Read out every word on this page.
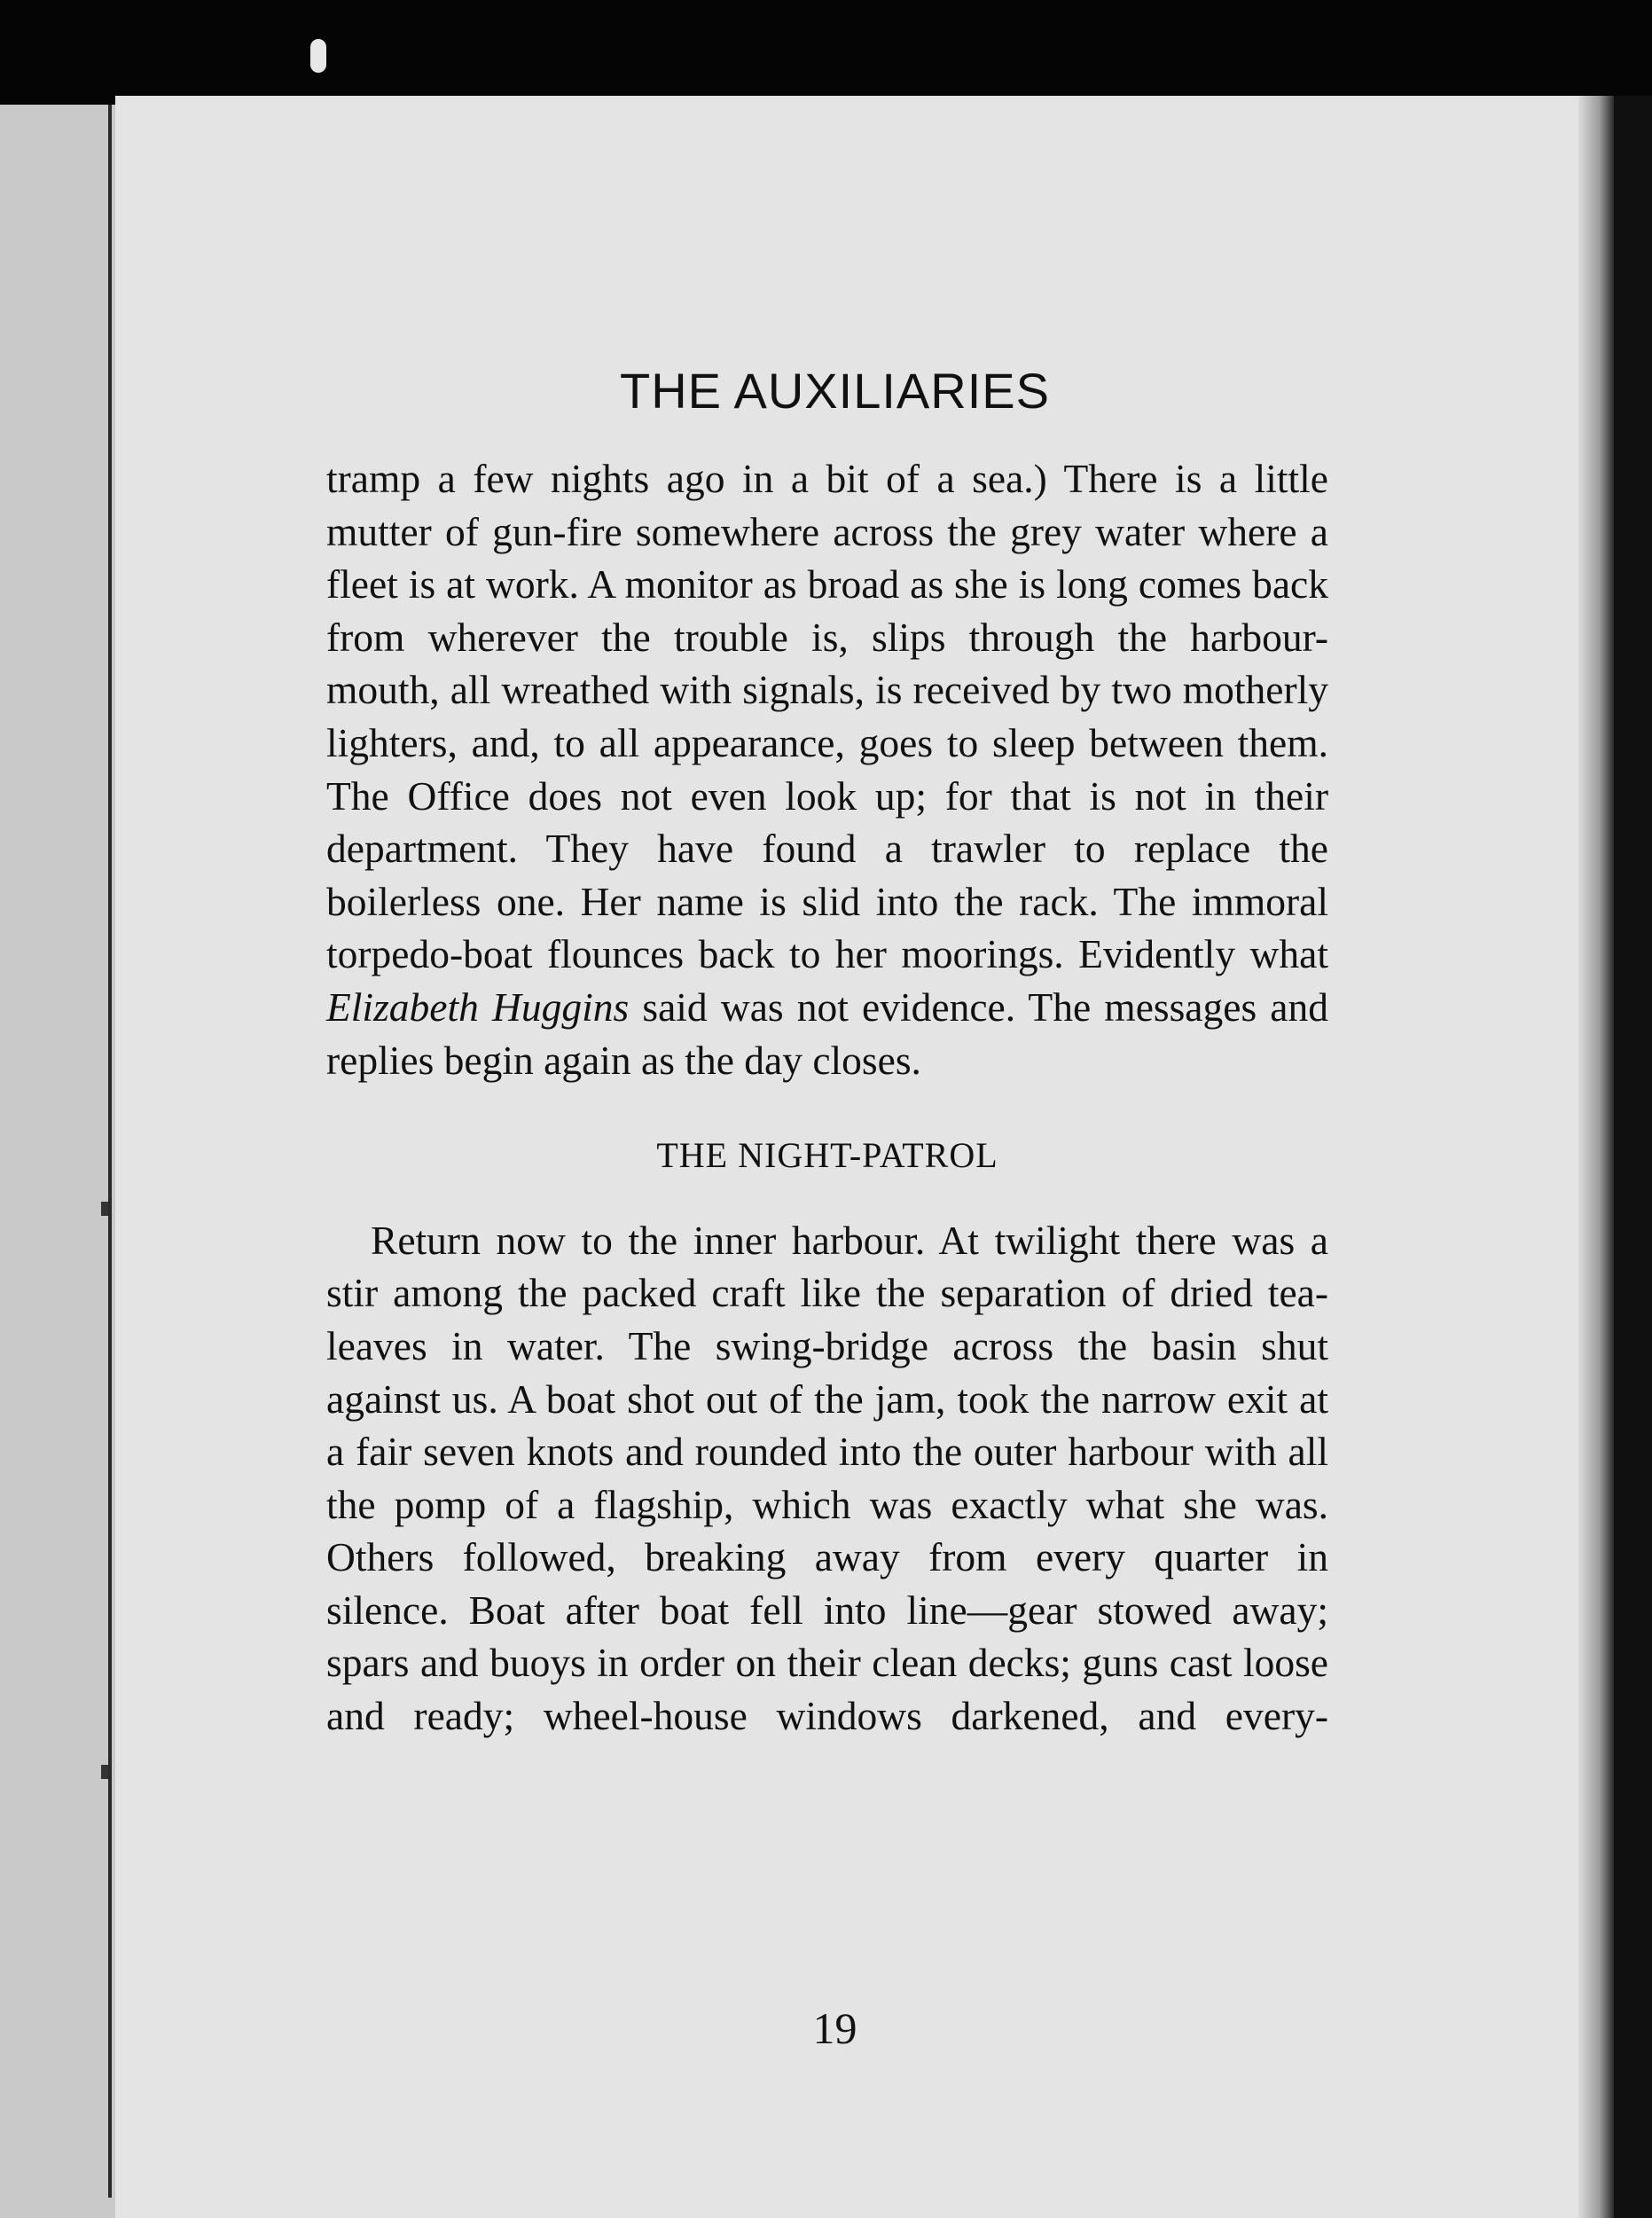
THE AUXILIARIES

tramp a few nights ago in a bit of a sea.) There is a little mutter of gun-fire somewhere across the grey water where a fleet is at work. A monitor as broad as she is long comes back from wherever the trouble is, slips through the harbour-mouth, all wreathed with signals, is received by two motherly lighters, and, to all appearance, goes to sleep between them. The Office does not even look up; for that is not in their department. They have found a trawler to replace the boilerless one. Her name is slid into the rack. The immoral torpedo-boat flounces back to her moorings. Evidently what Elizabeth Huggins said was not evidence. The messages and replies begin again as the day closes.

THE NIGHT-PATROL

Return now to the inner harbour. At twilight there was a stir among the packed craft like the separation of dried tea-leaves in water. The swing-bridge across the basin shut against us. A boat shot out of the jam, took the narrow exit at a fair seven knots and rounded into the outer harbour with all the pomp of a flagship, which was exactly what she was. Others followed, breaking away from every quarter in silence. Boat after boat fell into line—gear stowed away; spars and buoys in order on their clean decks; guns cast loose and ready; wheel-house windows darkened, and every-

19
